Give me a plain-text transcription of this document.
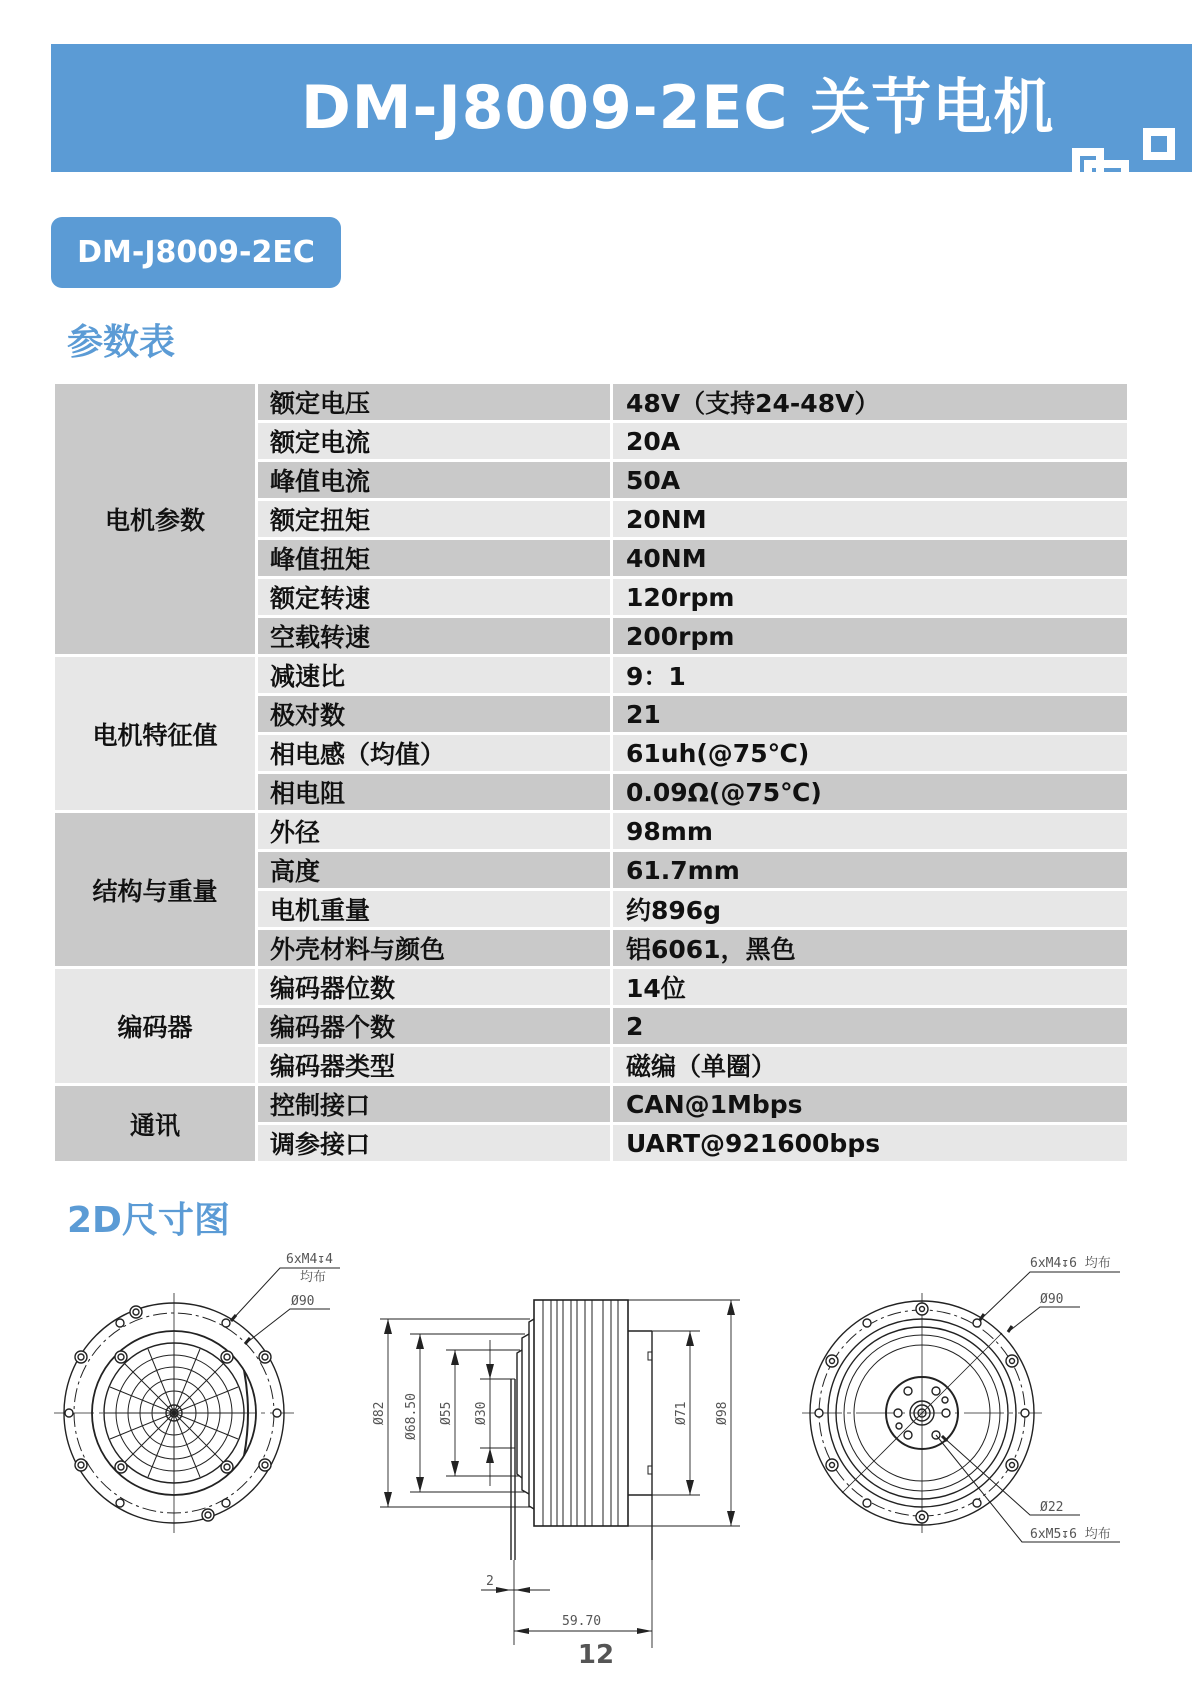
DM-J8009-2EC 关节电机
DM-J8009-2EC
参数表
电机参数	额定电压	48V（支持24-48V）
	额定电流	20A
	峰值电流	50A
	额定扭矩	20NM
	峰值扭矩	40NM
	额定转速	120rpm
	空载转速	200rpm
电机特征值	减速比	9：1
	极对数	21
	相电感（均值）	61uh(@75℃)
	相电阻	0.09Ω(@75℃)
结构与重量	外径	98mm
	高度	61.7mm
	电机重量	约896g
	外壳材料与颜色	铝6061，黑色
编码器	编码器位数	14位
	编码器个数	2
	编码器类型	磁编（单圈）
通讯	控制接口	CAN@1Mbps
	调参接口	UART@921600bps
2D尺寸图
6xM4↧4
均布
Ø90
Ø82 Ø68.50 Ø55 Ø30	Ø71 Ø98
2
59.70
6xM4↧6 均布
Ø90
Ø22
6xM5↧6 均布
12
